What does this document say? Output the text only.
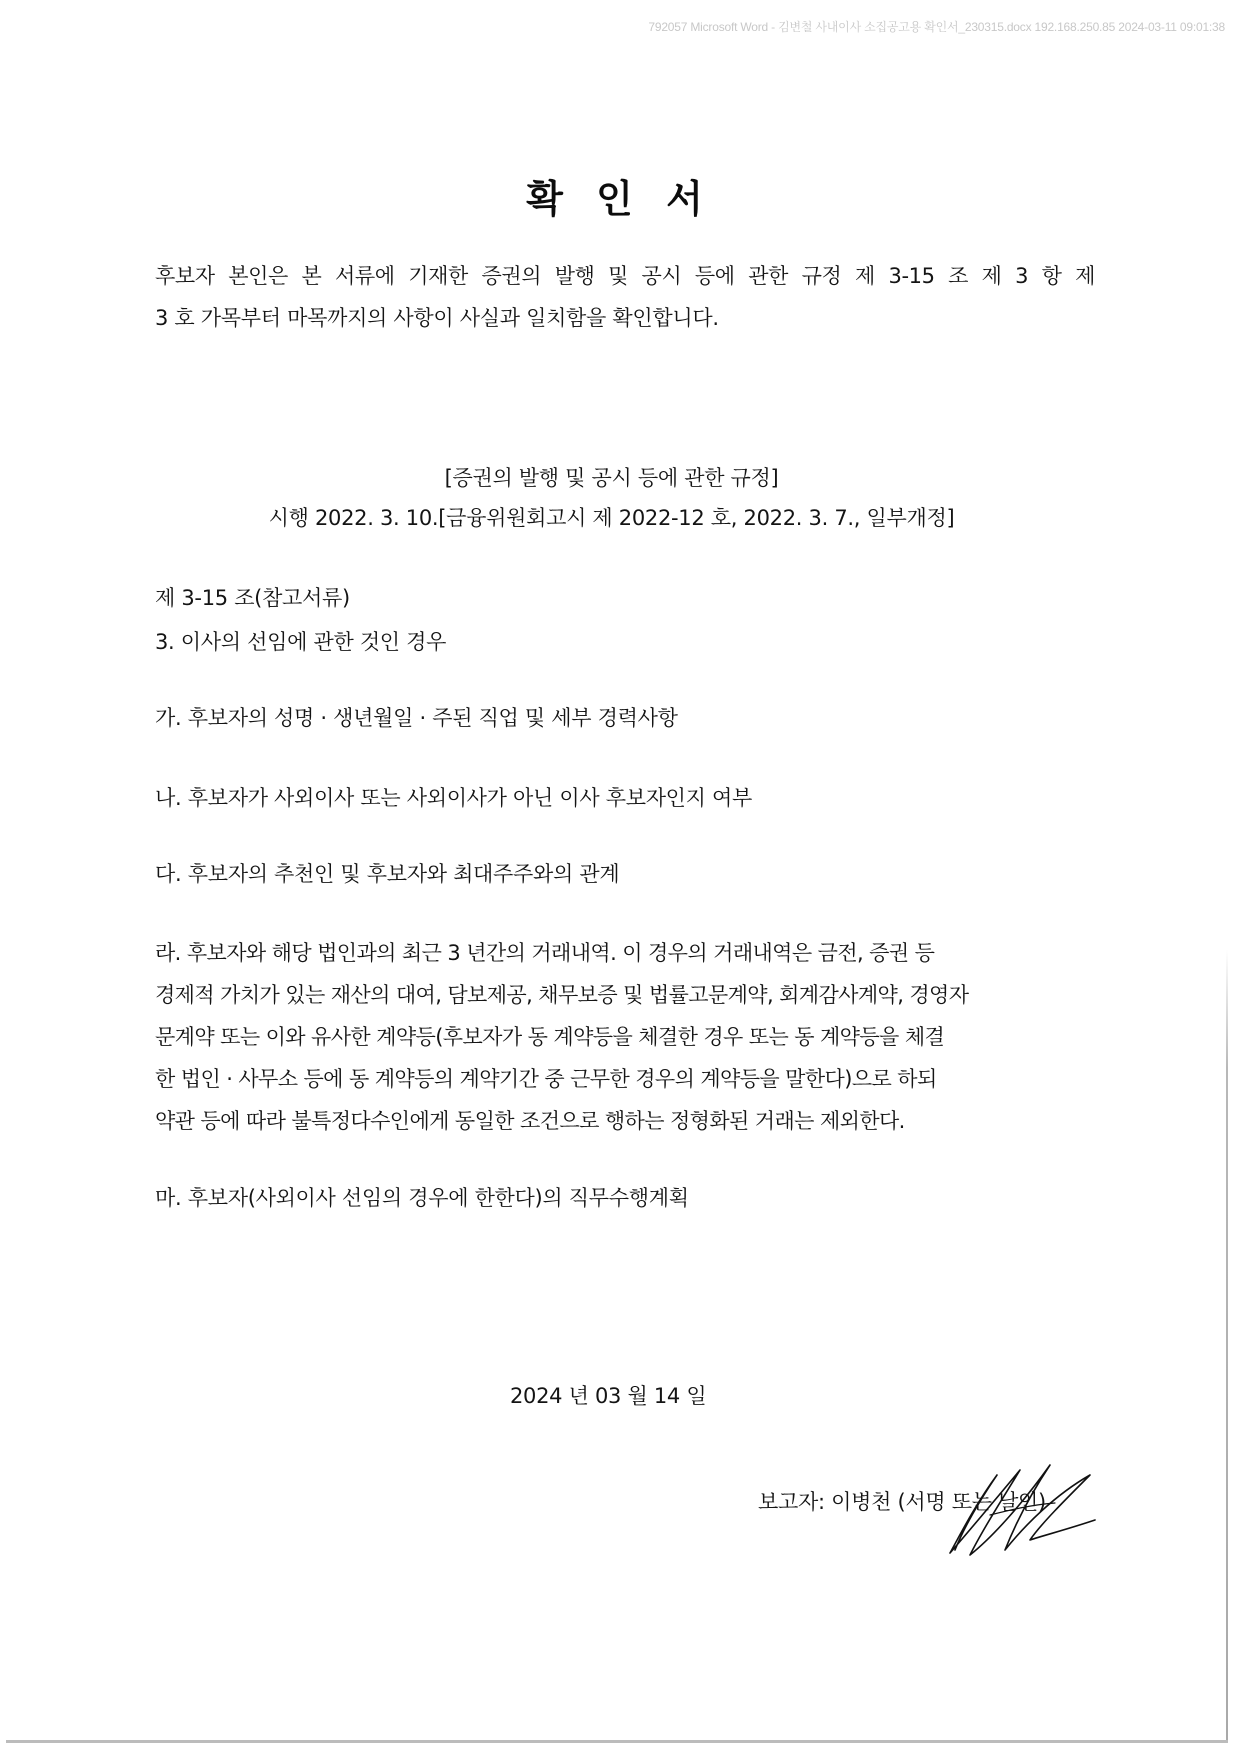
792057 Microsoft Word - 김변철 사내이사 소집공고용 확인서_230315.docx 192.168.250.85 2024-03-11 09:01:38
확 인 서
후보자 본인은 본 서류에 기재한 증권의 발행 및 공시 등에 관한 규정 제 3-15 조 제 3 항 제
3 호 가목부터 마목까지의 사항이 사실과 일치함을 확인합니다.
[증권의 발행 및 공시 등에 관한 규정]
시행 2022. 3. 10.[금융위원회고시 제 2022-12 호, 2022. 3. 7., 일부개정]
제 3-15 조(참고서류)
3. 이사의 선임에 관한 것인 경우
가. 후보자의 성명 · 생년월일 · 주된 직업 및 세부 경력사항
나. 후보자가 사외이사 또는 사외이사가 아닌 이사 후보자인지 여부
다. 후보자의 추천인 및 후보자와 최대주주와의 관계
라. 후보자와 해당 법인과의 최근 3 년간의 거래내역. 이 경우의 거래내역은 금전, 증권 등
경제적 가치가 있는 재산의 대여, 담보제공, 채무보증 및 법률고문계약, 회계감사계약, 경영자
문계약 또는 이와 유사한 계약등(후보자가 동 계약등을 체결한 경우 또는 동 계약등을 체결
한 법인 · 사무소 등에 동 계약등의 계약기간 중 근무한 경우의 계약등을 말한다)으로 하되
약관 등에 따라 불특정다수인에게 동일한 조건으로 행하는 정형화된 거래는 제외한다.
마. 후보자(사외이사 선임의 경우에 한한다)의 직무수행계획
2024 년 03 월 14 일
보고자: 이병천 (서명 또는 날인)
